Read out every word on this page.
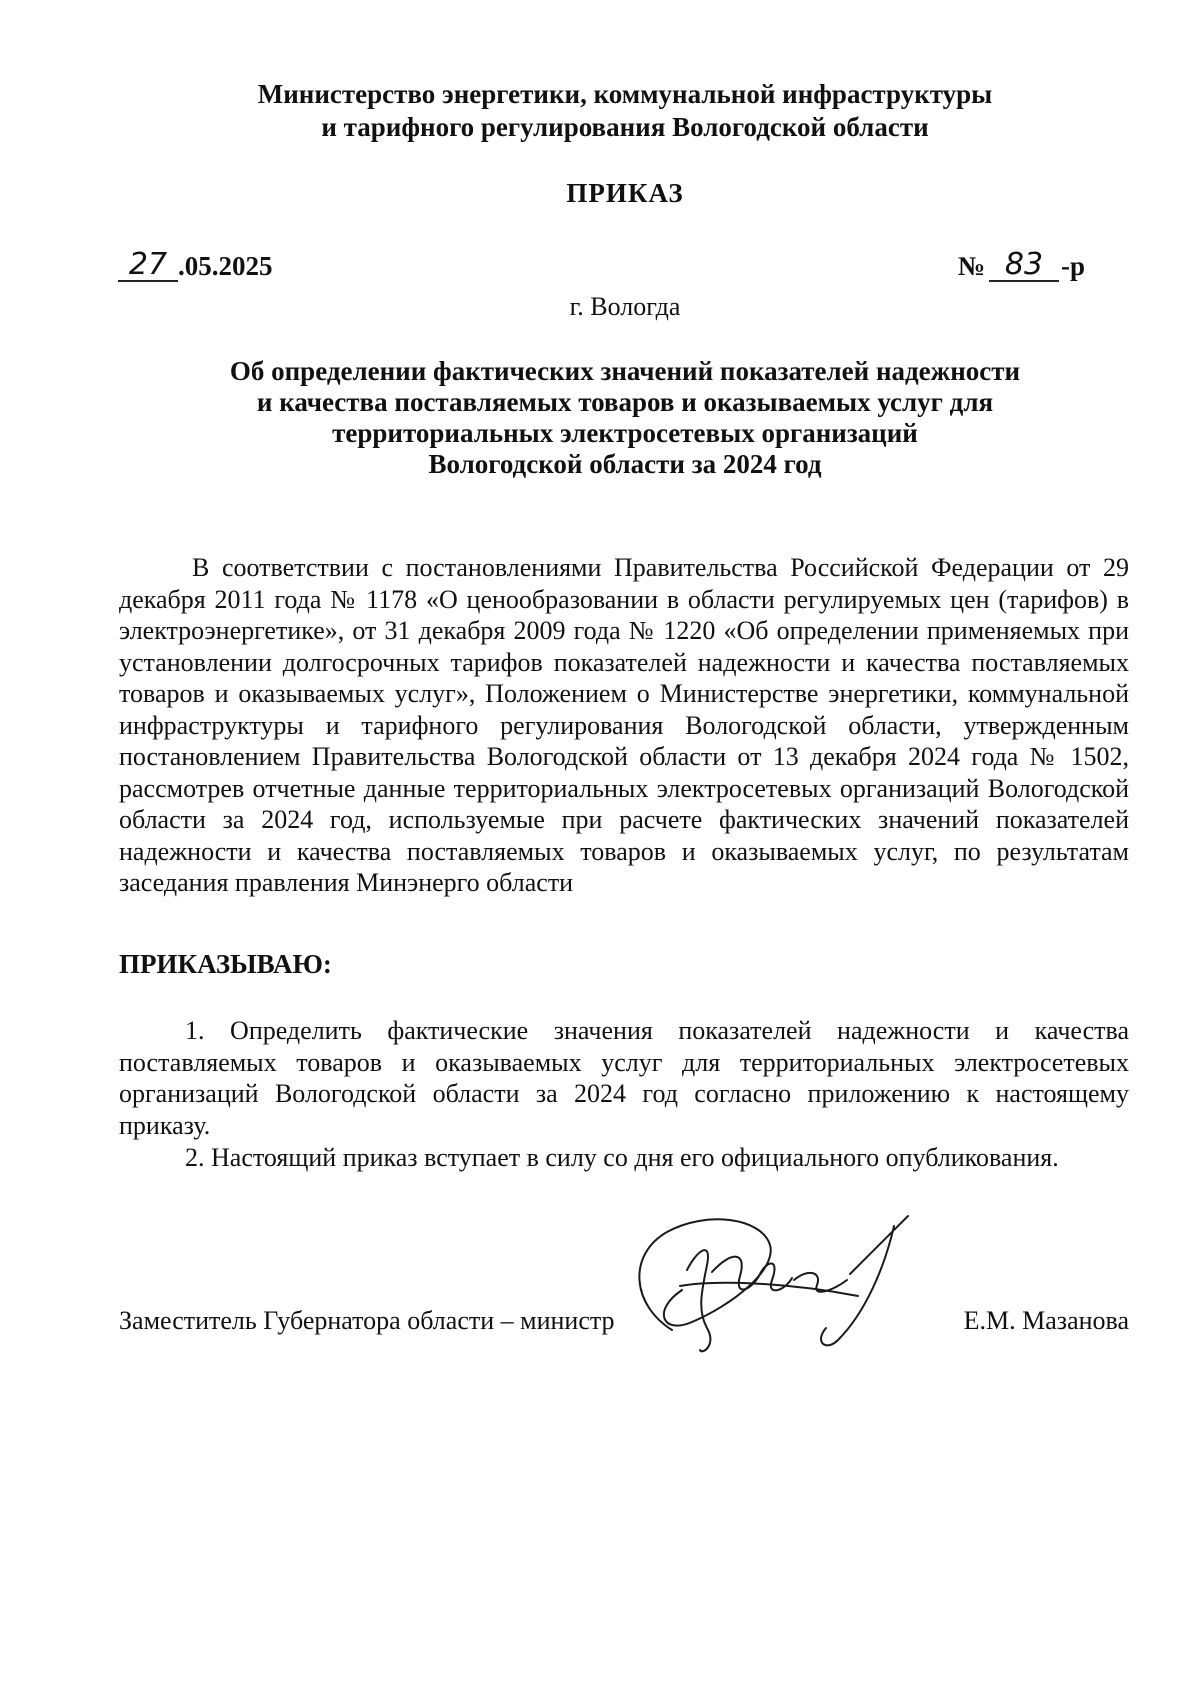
Министерство энергетики, коммунальной инфраструктуры
и тарифного регулирования Вологодской области
ПРИКАЗ
27 .05.2025	№ 83 -р
г. Вологда
Об определении фактических значений показателей надежности
и качества поставляемых товаров и оказываемых услуг для
территориальных электросетевых организаций
Вологодской области за 2024 год

В соответствии с постановлениями Правительства Российской Федерации от 29 декабря 2011 года № 1178 «О ценообразовании в области регулируемых цен (тарифов) в электроэнергетике», от 31 декабря 2009 года № 1220 «Об определении применяемых при установлении долгосрочных тарифов показателей надежности и качества поставляемых товаров и оказываемых услуг», Положением о Министерстве энергетики, коммунальной инфраструктуры и тарифного регулирования Вологодской области, утвержденным постановлением Правительства Вологодской области от 13 декабря 2024 года № 1502, рассмотрев отчетные данные территориальных электросетевых организаций Вологодской области за 2024 год, используемые при расчете фактических значений показателей надежности и качества поставляемых товаров и оказываемых услуг, по результатам заседания правления Минэнерго области

ПРИКАЗЫВАЮ:

1. Определить фактические значения показателей надежности и качества поставляемых товаров и оказываемых услуг для территориальных электросетевых организаций Вологодской области за 2024 год согласно приложению к настоящему приказу.

2. Настоящий приказ вступает в силу со дня его официального опубликования.

Заместитель Губернатора области – министр	Е.М. Мазанова
